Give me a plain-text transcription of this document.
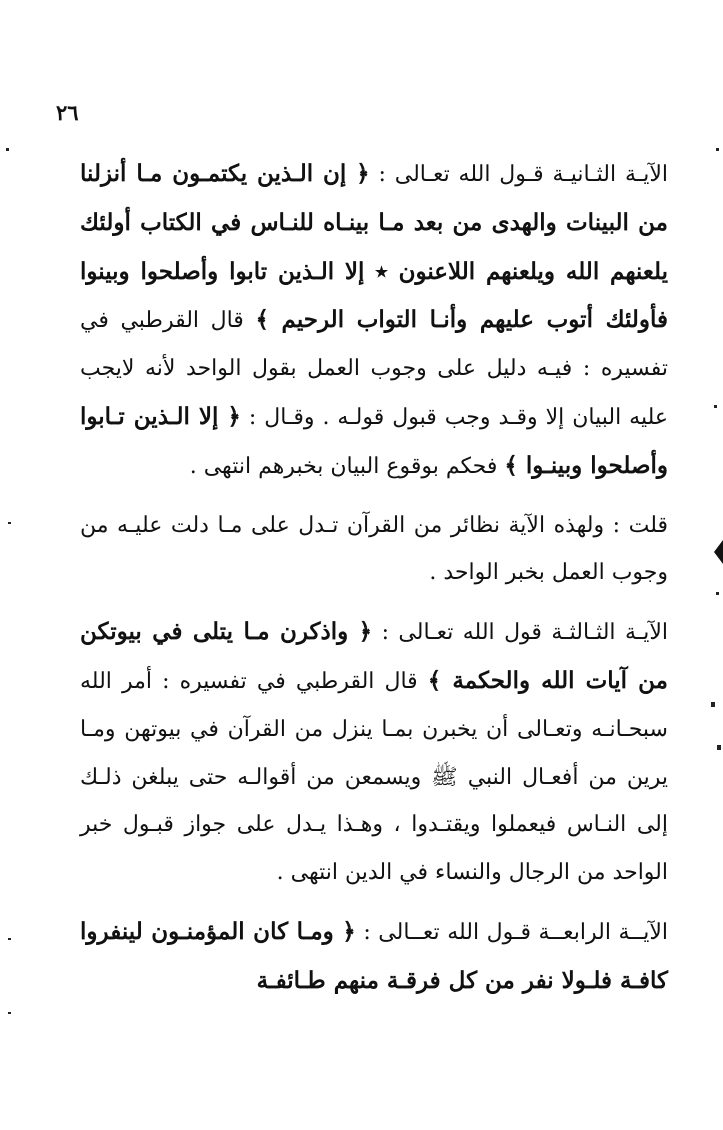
٢٦

الآيـة الثـانيـة قـول الله تعـالى : ﴿ إن الـذين يكتمـون مـا أنزلنا من البينات والهدى من بعد مـا بينـاه للنـاس في الكتاب أولئك يلعنهم الله ويلعنهم اللاعنون ٭ إلا الـذين تابوا وأصلحوا وبينوا فأولئك أتوب عليهم وأنـا التواب الرحيم ﴾ قال القرطبي في تفسيره : فيـه دليل على وجوب العمل بقول الواحد لأنه لايجب عليه البيان إلا وقـد وجب قبول قولـه . وقـال : ﴿ إلا الـذين تـابوا وأصلحوا وبينـوا ﴾ فحكم بوقوع البيان بخبرهم انتهى .

قلت : ولهذه الآية نظائر من القرآن تـدل على مـا دلت عليـه من وجوب العمل بخبر الواحد .

الآيـة الثـالثـة قول الله تعـالى : ﴿ واذكرن مـا يتلى في بيوتكن من آيات الله والحكمة ﴾ قال القرطبي في تفسيره : أمر الله سبحـانـه وتعـالى أن يخبرن بمـا ينزل من القرآن في بيوتهن ومـا يرين من أفعـال النبي ﷺ ويسمعن من أقوالـه حتى يبلغن ذلـك إلى النـاس فيعملوا ويقتـدوا ، وهـذا يـدل على جواز قبـول خبر الواحد من الرجال والنساء في الدين انتهى .

الآيــة الرابعــة قـول الله تعــالى : ﴿ ومـا كان المؤمنـون لينفروا كافـة فلـولا نفر من كل فرقـة منهم طـائفـة
